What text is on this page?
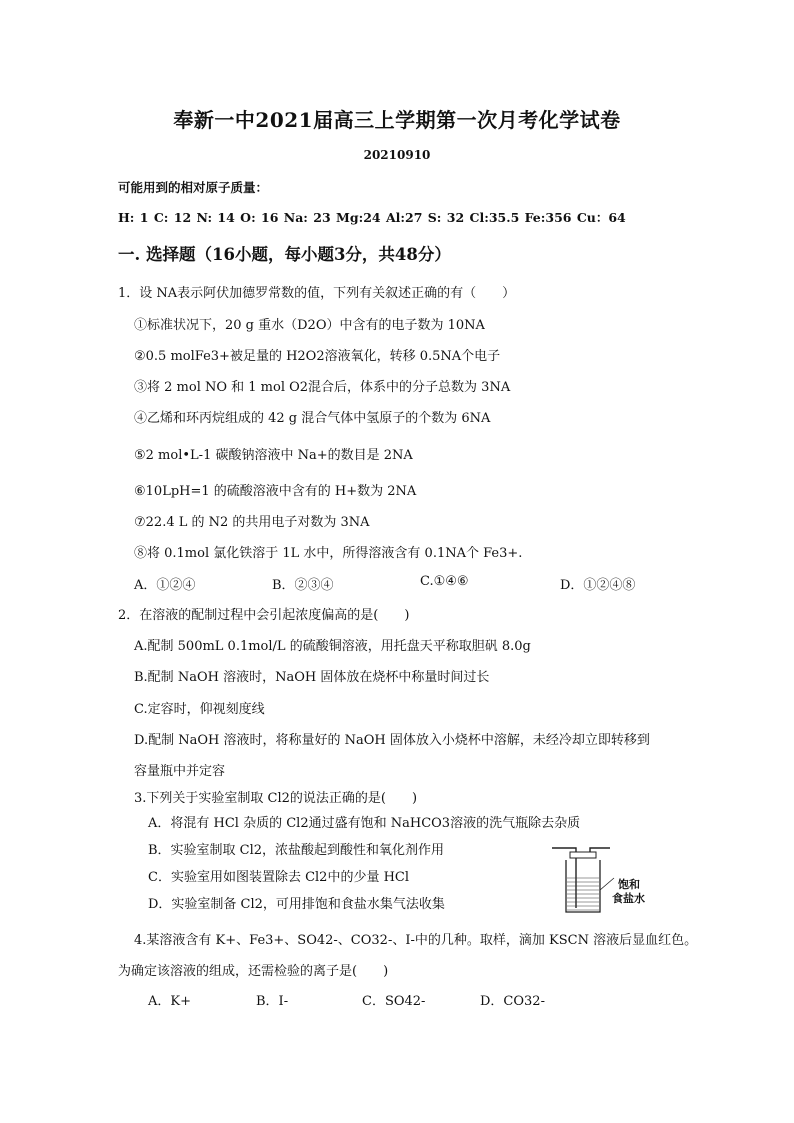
奉新一中2021届高三上学期第一次月考化学试卷
20210910
可能用到的相对原子质量：
H: 1 C: 12 N: 14 O: 16 Na: 23 Mg:24 Al:27 S: 32 Cl:35.5 Fe:356 Cu：64
一. 选择题（16小题，每小题3分，共48分）
1．设 NA表示阿伏加德罗常数的值，下列有关叙述正确的有（　　）
①标准状况下，20 g 重水（D2O）中含有的电子数为 10NA
②0.5 molFe3+被足量的 H2O2溶液氧化，转移 0.5NA个电子
③将 2 mol NO 和 1 mol O2混合后，体系中的分子总数为 3NA
④乙烯和环丙烷组成的 42 g 混合气体中氢原子的个数为 6NA
⑤2 mol•L-1 碳酸钠溶液中 Na+的数目是 2NA
⑥10LpH=1 的硫酸溶液中含有的 H+数为 2NA
⑦22.4 L 的 N2 的共用电子对数为 3NA
⑧将 0.1mol 氯化铁溶于 1L 水中，所得溶液含有 0.1NA个 Fe3+.
A．①②④	B．②③④	C.①④⑥	D．①②④⑧
2．在溶液的配制过程中会引起浓度偏高的是(　　)
A.配制 500mL 0.1mol/L 的硫酸铜溶液，用托盘天平称取胆矾 8.0g
B.配制 NaOH 溶液时，NaOH 固体放在烧杯中称量时间过长
C.定容时，仰视刻度线
D.配制 NaOH 溶液时，将称量好的 NaOH 固体放入小烧杯中溶解，未经冷却立即转移到
容量瓶中并定容
3.下列关于实验室制取 Cl2的说法正确的是(　　)
A．将混有 HCl 杂质的 Cl2通过盛有饱和 NaHCO3溶液的洗气瓶除去杂质
B．实验室制取 Cl2，浓盐酸起到酸性和氧化剂作用
C．实验室用如图装置除去 Cl2中的少量 HCl
D．实验室制备 Cl2，可用排饱和食盐水集气法收集
饱和
食盐水
4.某溶液含有 K+、Fe3+、SO42-、CO32-、I-中的几种。取样，滴加 KSCN 溶液后显血红色。
为确定该溶液的组成，还需检验的离子是(　　)
A．K+	B．I-	C．SO42-	D．CO32-
